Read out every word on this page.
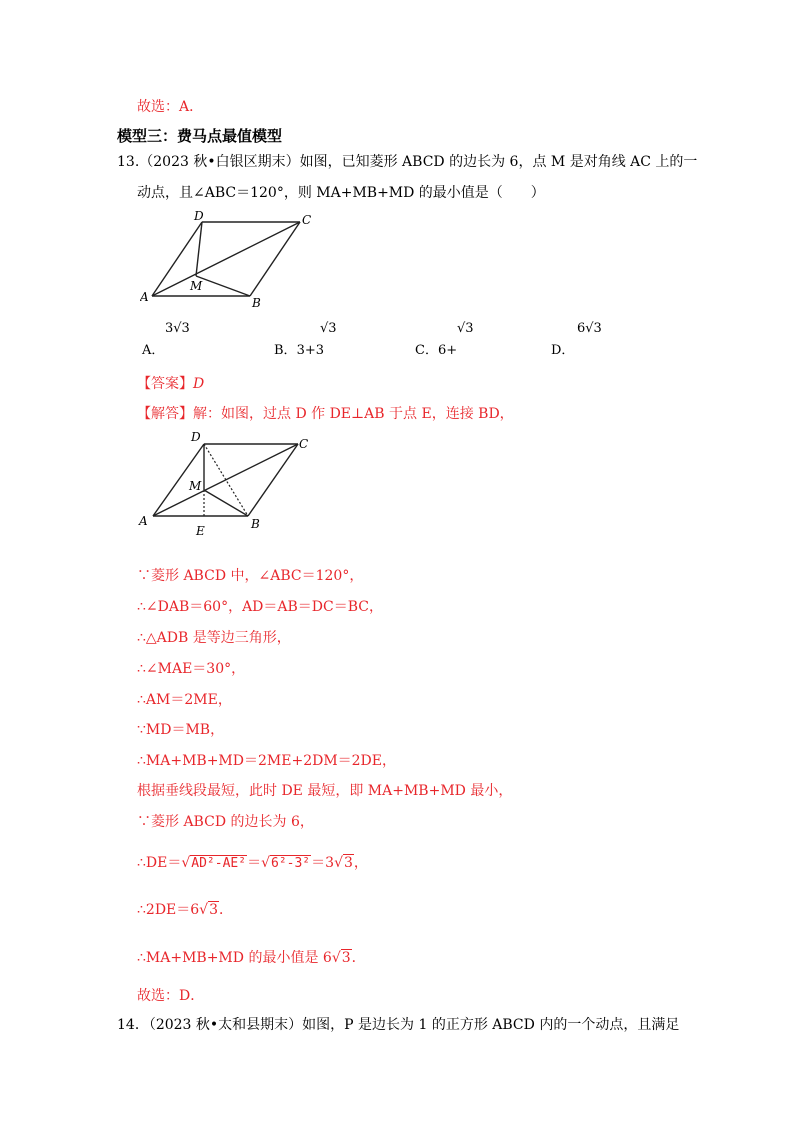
故选：A．
模型三：费马点最值模型
13.（2023 秋•白银区期末）如图，已知菱形 ABCD 的边长为 6，点 M 是对角线 AC 上的一
动点，且∠ABC＝120°，则 MA+MB+MD 的最小值是（　　）
A	B
C
D
M
A．
3√3
B．3+3
√3
C．6+
√3
D．
6√3
【答案】D
【解答】解：如图，过点 D 作 DE⊥AB 于点 E，连接 BD，
A	B
C
D
M
E
∵菱形 ABCD 中，∠ABC＝120°，
∴∠DAB＝60°，AD＝AB＝DC＝BC，
∴△ADB 是等边三角形，
∴∠MAE＝30°，
∴AM＝2ME，
∵MD＝MB，
∴MA+MB+MD＝2ME+2DM＝2DE，
根据垂线段最短，此时 DE 最短，即 MA+MB+MD 最小，
∵菱形 ABCD 的边长为 6，
∴DE＝√AD²-AE²＝√6²-3²＝3√3，
∴2DE＝6√3．
∴MA+MB+MD 的最小值是 6√3．
故选：D．
14．（2023 秋•太和县期末）如图，P 是边长为 1 的正方形 ABCD 内的一个动点，且满足
